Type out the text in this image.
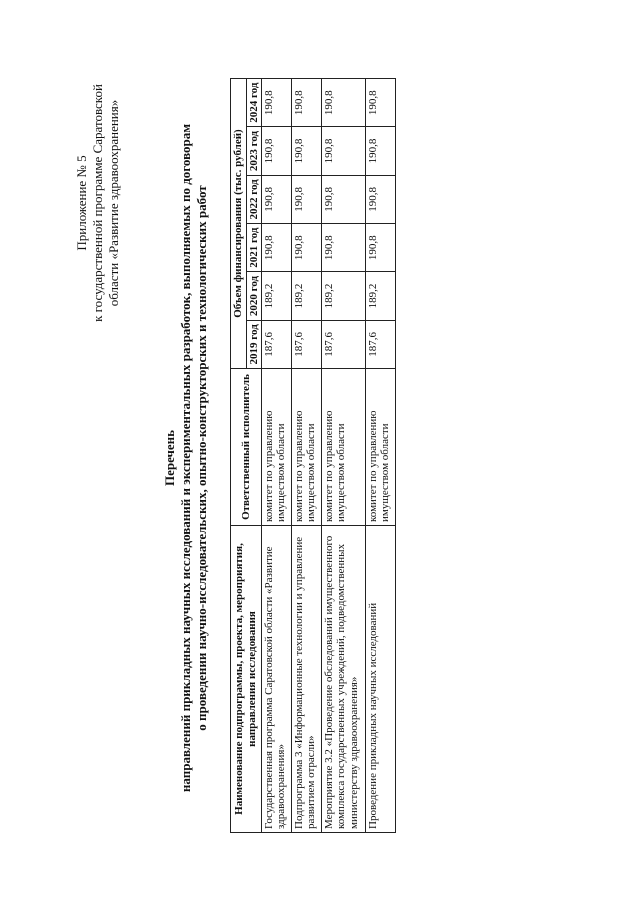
Приложение № 5 к государственной программе Саратовской области «Развитие здравоохранения»
Перечень направлений прикладных научных исследований и экспериментальных разработок, выполняемых по договорам о проведении научно-исследовательских, опытно-конструкторских и технологических работ Наименование подпрограммы, проекта, мероприятия, направления исследования	Ответственный исполнитель	Объем финансирования (тыс. рублей)					
		2019 год	2020 год	2021 год	2022 год	2023 год	2024 год
Государственная программа Саратовской области «Развитие здравоохранения»	комитет по управлению имуществом области	187,6	189,2	190,8	190,8	190,8	190,8
Подпрограмма 3 «Информационные технологии и управление развитием отрасли»	комитет по управлению имуществом области	187,6	189,2	190,8	190,8	190,8	190,8
Мероприятие 3.2 «Проведение обследований имущественного комплекса государственных учреждений, подведомственных министерству здравоохранения»	комитет по управлению имуществом области	187,6	189,2	190,8	190,8	190,8	190,8
Проведение прикладных научных исследований	комитет по управлению имуществом области	187,6	189,2	190,8	190,8	190,8	190,8
